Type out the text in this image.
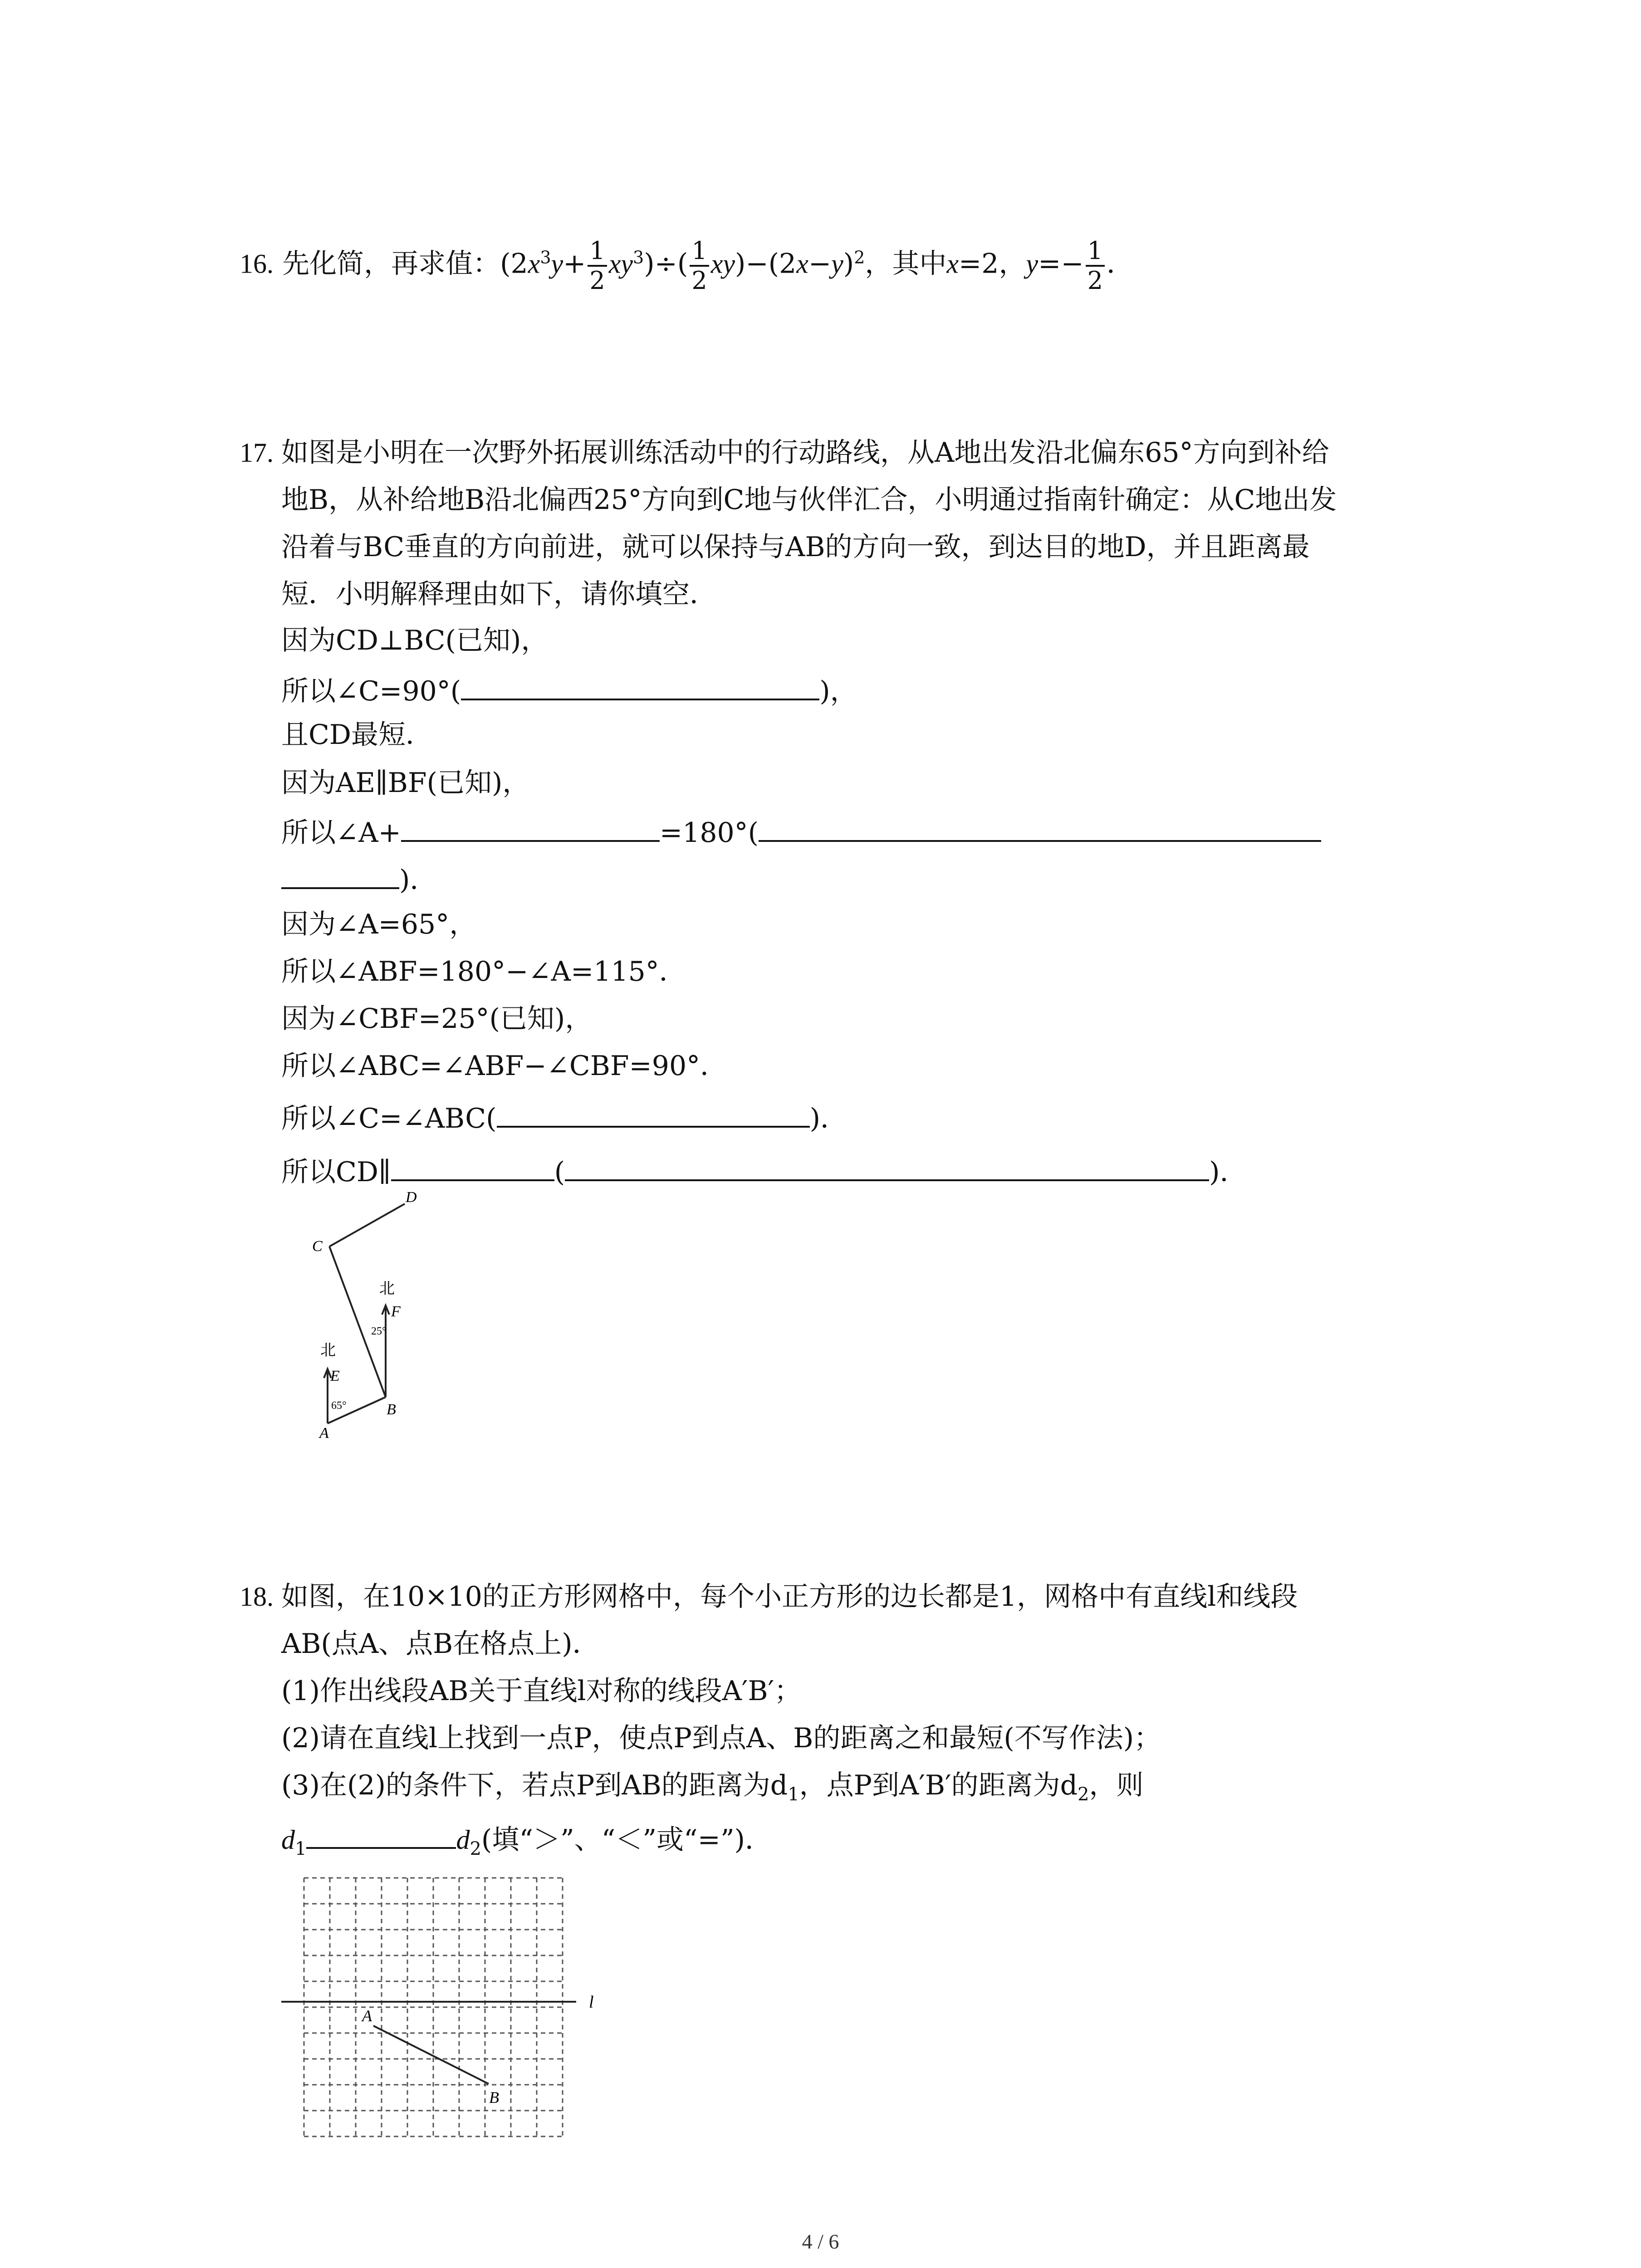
16. 先化简，再求值：$(2x^3y+ \frac{1}{2} xy^3)\div( \frac{1}{2} xy)-(2x-y)^2$，其中x=2，$y=- \frac{1}{2}$ ．
17. 如图是小明在一次野外拓展训练活动中的行动路线，从A地出发沿北偏东65°方向到补给
地B，从补给地B沿北偏西25°方向到C地与伙伴汇合，小明通过指南针确定：从C地出发
沿着与BC垂直的方向前进，就可以保持与AB的方向一致，到达目的地D，并且距离最
短．小明解释理由如下，请你填空．
因为CD⊥BC(已知)，
所以∠C=90°(	)，
且CD最短．
因为AE∥BF(已知)，
所以∠A+	=180°(
)．
因为∠A=65°，
所以∠ABF=180°−∠A=115°．
因为∠CBF=25°(已知)，
所以∠ABC=∠ABF−∠CBF=90°．
所以∠C=∠ABC(	)．
所以CD∥	(	)．
D
C
北
F
25°
北
E
65°	B
A
18. 如图，在10×10的正方形网格中，每个小正方形的边长都是1，网格中有直线l和线段
AB(点A、点B在格点上)．
(1)作出线段AB关于直线l对称的线段A′B′；
(2)请在直线l上找到一点P，使点P到点A、B的距离之和最短(不写作法)；
(3)在(2)的条件下，若点P到AB的距离为$d_1$，点P到A′B′的距离为$d_2$，则
$d_1$	$d_2$(填“＞”、“＜”或“=”)．
l
A
B
4 / 6
